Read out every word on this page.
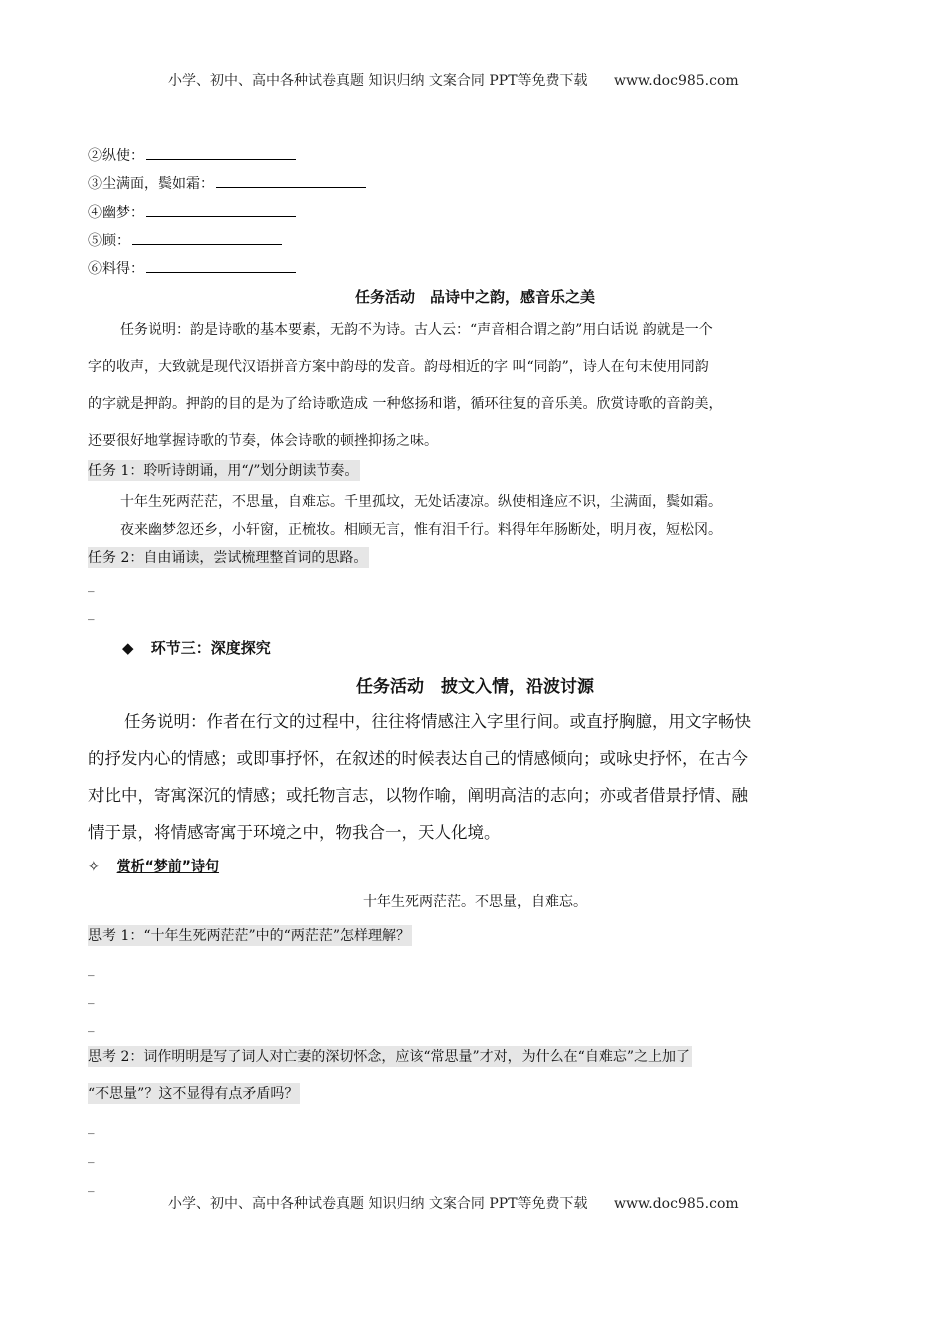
小学、初中、高中各种试卷真题 知识归纳 文案合同 PPT等免费下载 www.doc985.com
②纵使：
③尘满面，鬓如霜：
④幽梦：
⑤顾：
⑥料得：
任务活动　品诗中之韵，感音乐之美
任务说明：韵是诗歌的基本要素，无韵不为诗。古人云：“声音相合谓之韵”用白话说 韵就是一个
字的收声，大致就是现代汉语拼音方案中韵母的发音。韵母相近的字 叫“同韵”，诗人在句末使用同韵
的字就是押韵。押韵的目的是为了给诗歌造成 一种悠扬和谐，循环往复的音乐美。欣赏诗歌的音韵美，
还要很好地掌握诗歌的节奏，体会诗歌的顿挫抑扬之味。
任务 1：聆听诗朗诵，用“/”划分朗读节奏。
十年生死两茫茫，不思量，自难忘。千里孤坟，无处话凄凉。纵使相逢应不识，尘满面，鬓如霜。
夜来幽梦忽还乡，小轩窗，正梳妆。相顾无言，惟有泪千行。料得年年肠断处，明月夜，短松冈。
任务 2：自由诵读，尝试梳理整首词的思路。
_
_
◆ 环节三：深度探究
任务活动　披文入情，沿波讨源
任务说明：作者在行文的过程中，往往将情感注入字里行间。或直抒胸臆，用文字畅快
的抒发内心的情感；或即事抒怀，在叙述的时候表达自己的情感倾向；或咏史抒怀，在古今
对比中，寄寓深沉的情感；或托物言志，以物作喻，阐明高洁的志向；亦或者借景抒情、融
情于景，将情感寄寓于环境之中，物我合一，天人化境。
✧ 赏析“梦前”诗句
十年生死两茫茫。不思量，自难忘。
思考 1：“十年生死两茫茫”中的“两茫茫”怎样理解？
_
_
_
思考 2：词作明明是写了词人对亡妻的深切怀念，应该“常思量”才对，为什么在“自难忘”之上加了
“不思量”？这不显得有点矛盾吗？
_
_
_
小学、初中、高中各种试卷真题 知识归纳 文案合同 PPT等免费下载 www.doc985.com
